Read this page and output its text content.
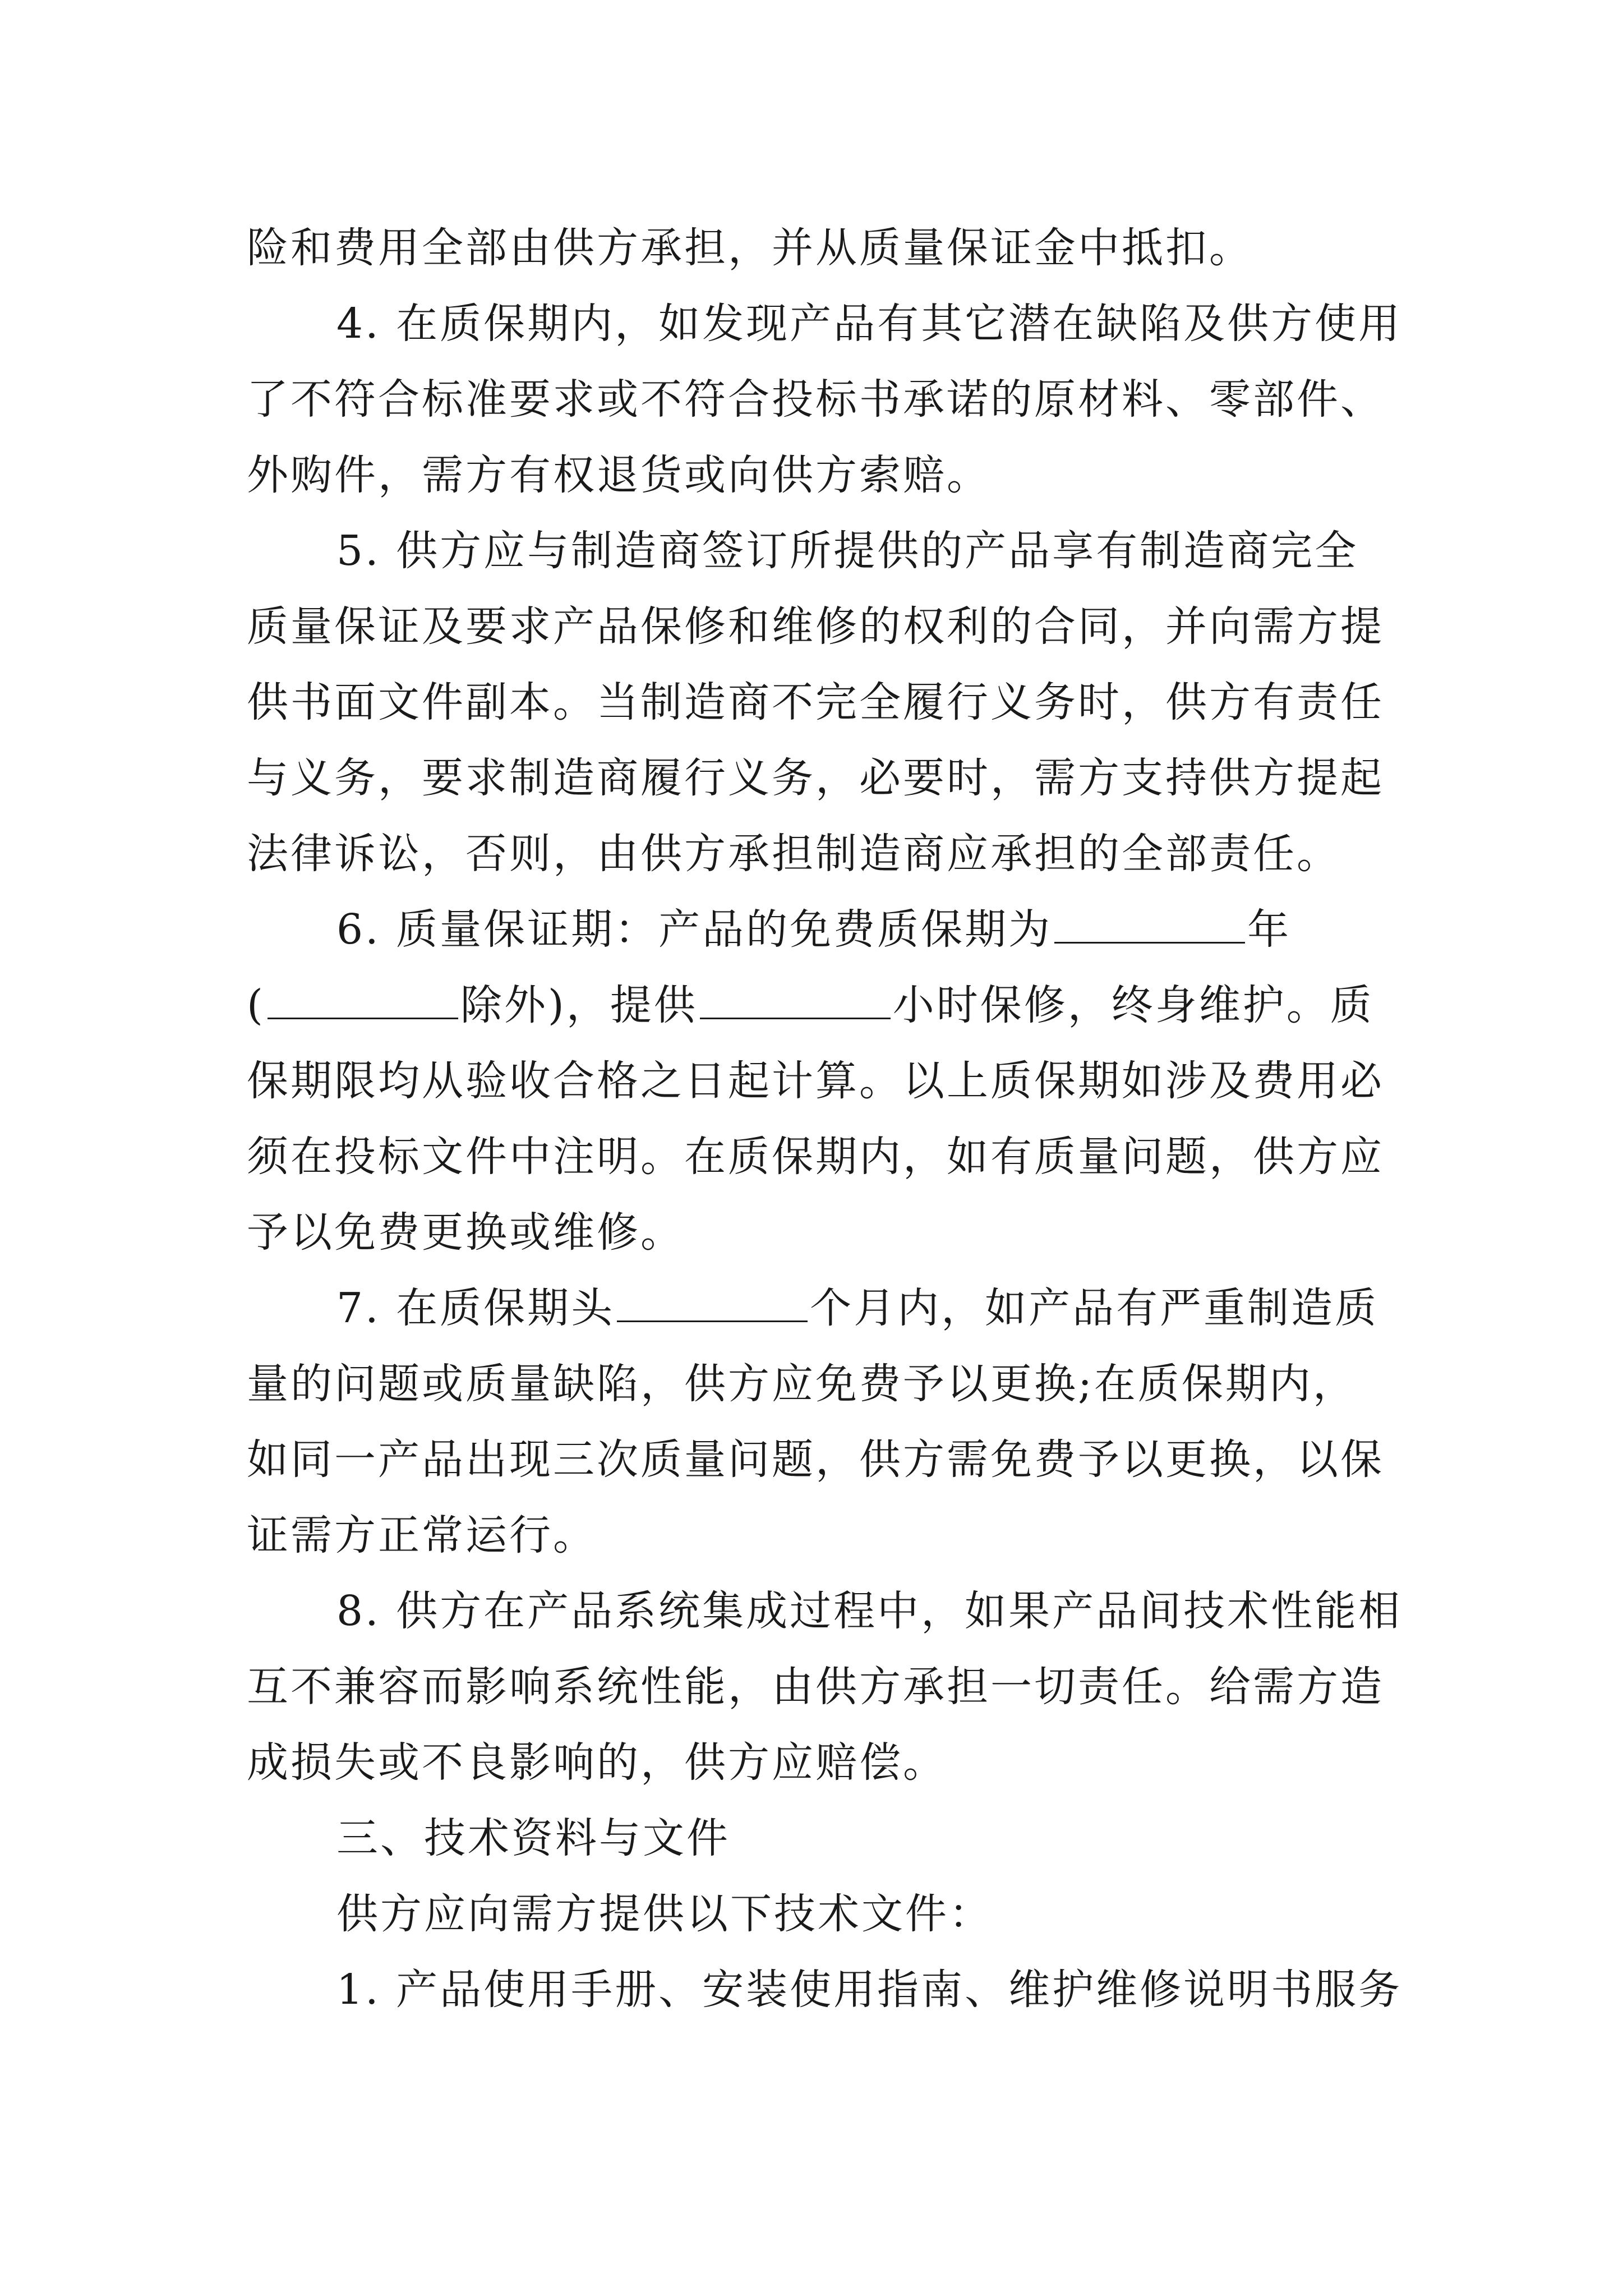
险和费用全部由供方承担，并从质量保证金中抵扣。
4. 在质保期内，如发现产品有其它潜在缺陷及供方使用
了不符合标准要求或不符合投标书承诺的原材料、零部件、
外购件，需方有权退货或向供方索赔。
5. 供方应与制造商签订所提供的产品享有制造商完全
质量保证及要求产品保修和维修的权利的合同，并向需方提
供书面文件副本。当制造商不完全履行义务时，供方有责任
与义务，要求制造商履行义务，必要时，需方支持供方提起
法律诉讼，否则，由供方承担制造商应承担的全部责任。
6. 质量保证期：产品的免费质保期为	年
(	除外)，提供	小时保修，终身维护。质
保期限均从验收合格之日起计算。以上质保期如涉及费用必
须在投标文件中注明。在质保期内，如有质量问题，供方应
予以免费更换或维修。
7. 在质保期头	个月内，如产品有严重制造质
量的问题或质量缺陷，供方应免费予以更换;在质保期内，
如同一产品出现三次质量问题，供方需免费予以更换，以保
证需方正常运行。
8. 供方在产品系统集成过程中，如果产品间技术性能相
互不兼容而影响系统性能，由供方承担一切责任。给需方造
成损失或不良影响的，供方应赔偿。
三、技术资料与文件
供方应向需方提供以下技术文件：
1. 产品使用手册、安装使用指南、维护维修说明书服务
